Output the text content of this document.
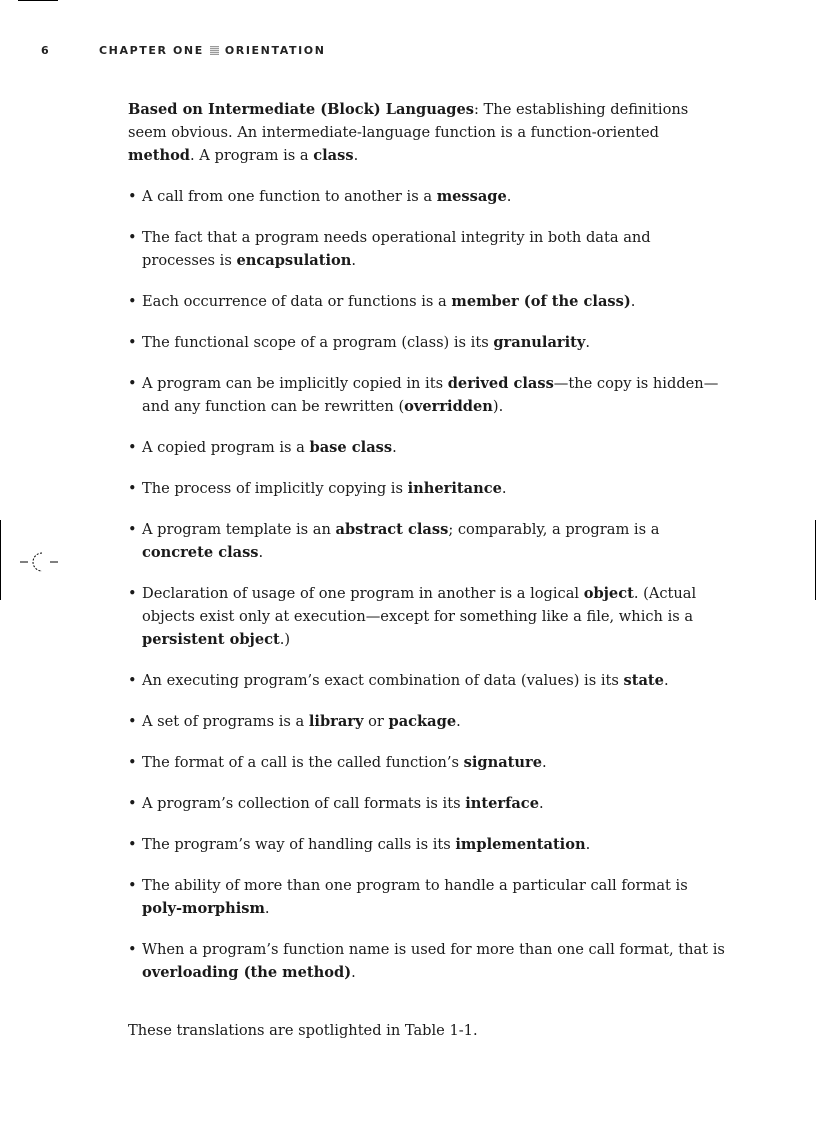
6	CHAPTER ONE ORIENTATION

Based on Intermediate (Block) Languages: The establishing definitions seem obvious. An intermediate-language function is a function-oriented method. A program is a class.

• A call from one function to another is a message.
• The fact that a program needs operational integrity in both data and processes is encapsulation.
• Each occurrence of data or functions is a member (of the class).
• The functional scope of a program (class) is its granularity.
• A program can be implicitly copied in its derived class—the copy is hidden—and any function can be rewritten (overridden).
• A copied program is a base class.
• The process of implicitly copying is inheritance.
• A program template is an abstract class; comparably, a program is a concrete class.
• Declaration of usage of one program in another is a logical object. (Actual objects exist only at execution—except for something like a file, which is a persistent object.)
• An executing program’s exact combination of data (values) is its state.
• A set of programs is a library or package.
• The format of a call is the called function’s signature.
• A program’s collection of call formats is its interface.
• The program’s way of handling calls is its implementation.
• The ability of more than one program to handle a particular call format is poly-morphism.
• When a program’s function name is used for more than one call format, that is overloading (the method).

These translations are spotlighted in Table 1-1.
